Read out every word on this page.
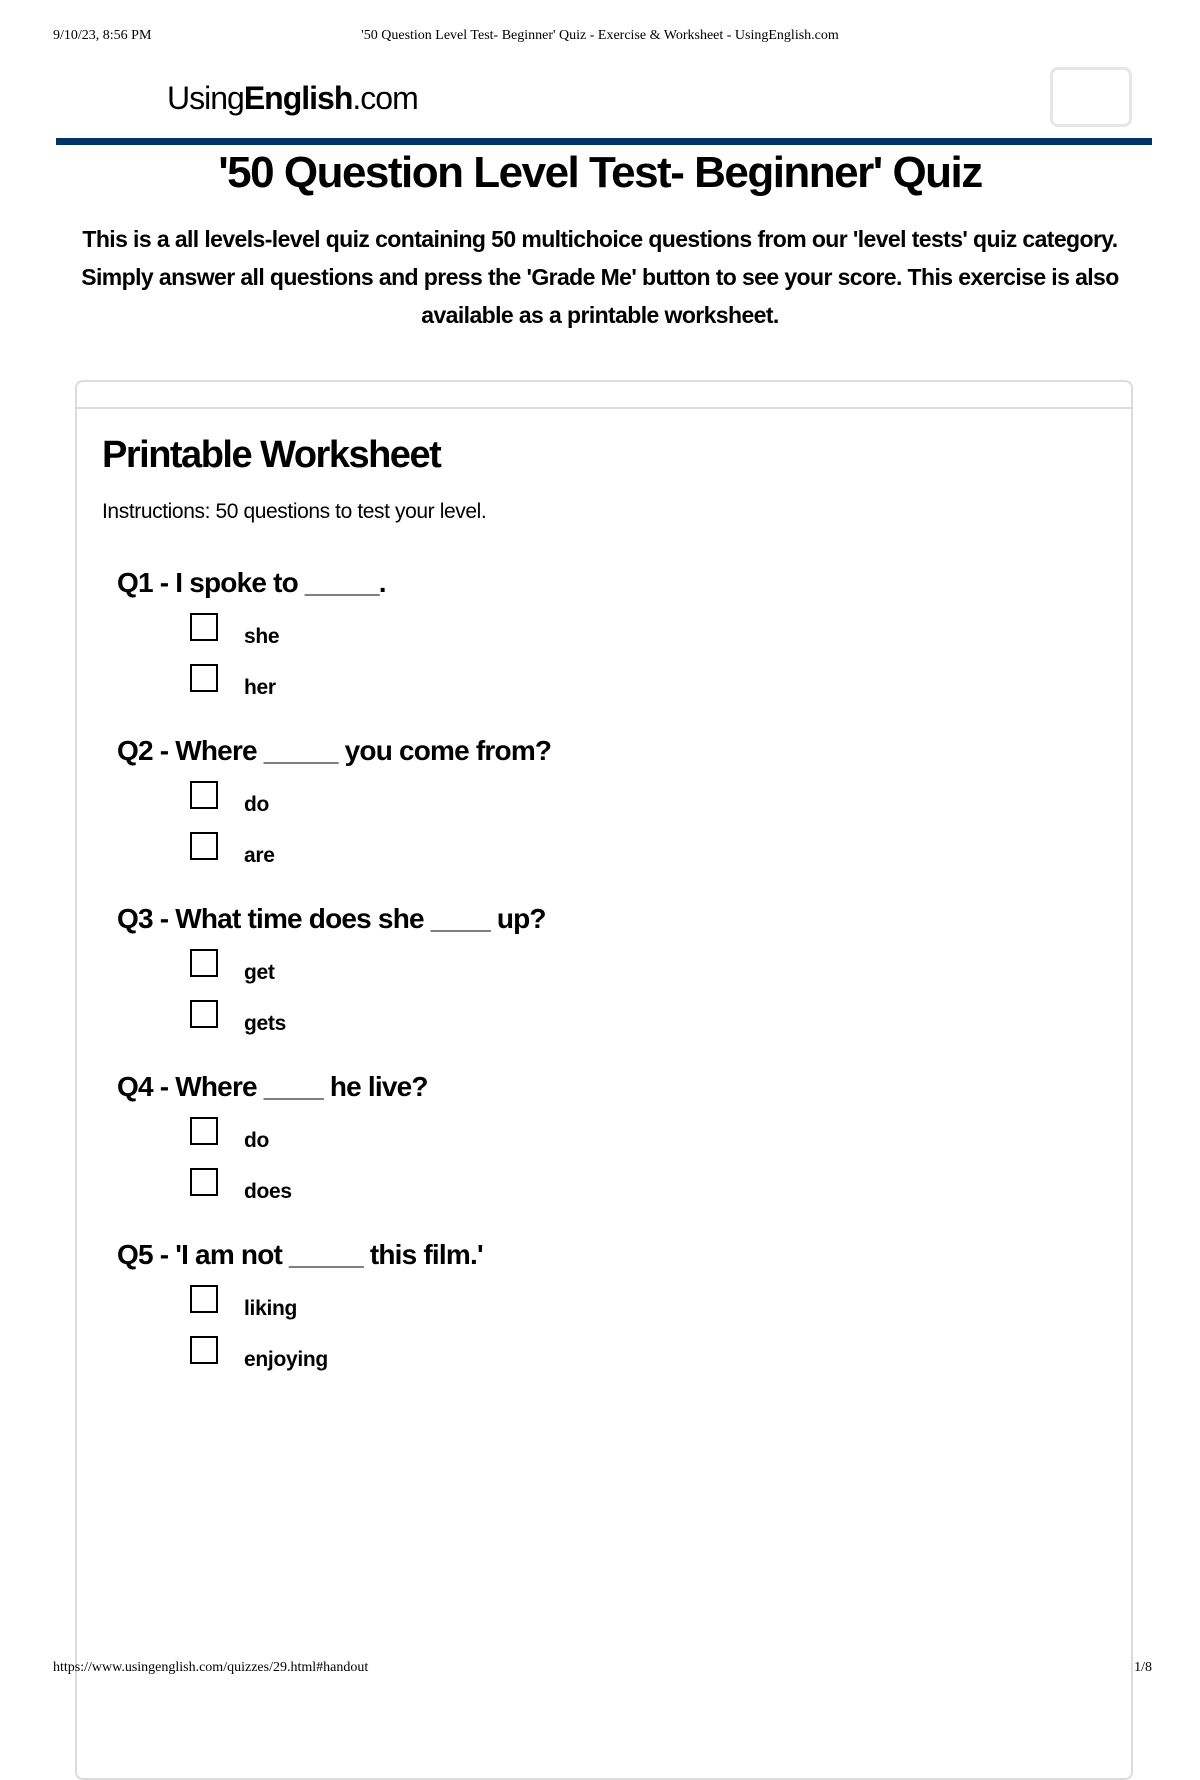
9/10/23, 8:56 PM	'50 Question Level Test- Beginner' Quiz - Exercise & Worksheet - UsingEnglish.com
UsingEnglish.com
'50 Question Level Test- Beginner' Quiz

This is a all levels-level quiz containing 50 multichoice questions from our 'level tests' quiz category. Simply answer all questions and press the 'Grade Me' button to see your score. This exercise is also available as a printable worksheet.

Printable Worksheet
Instructions: 50 questions to test your level.
Q1 - I spoke to _____.
she
her
Q2 - Where _____ you come from?
do
are
Q3 - What time does she ____ up?
get
gets
Q4 - Where ____ he live?
do
does
Q5 - 'I am not _____ this film.'
liking
enjoying
https://www.usingenglish.com/quizzes/29.html#handout	1/8
